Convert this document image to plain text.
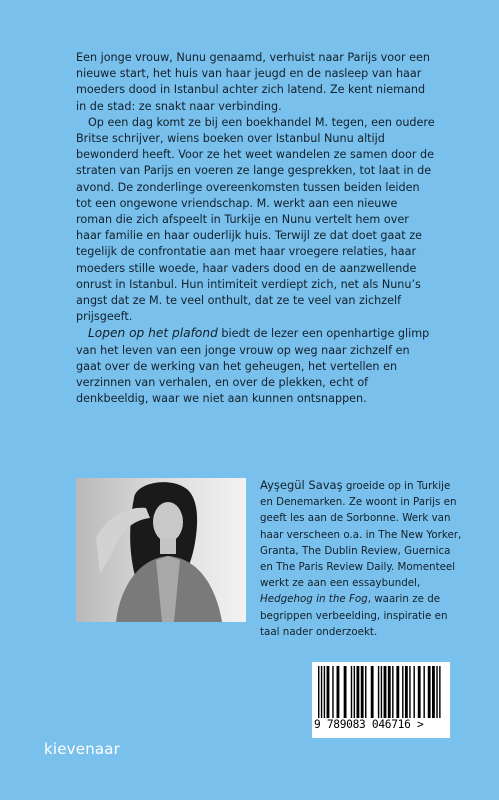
Een jonge vrouw, Nunu genaamd, verhuist naar Parijs voor een nieuwe start, het huis van haar jeugd en de nasleep van haar moeders dood in Istanbul achter zich latend. Ze kent niemand in de stad: ze snakt naar verbinding.

Op een dag komt ze bij een boekhandel M. tegen, een oudere Britse schrijver, wiens boeken over Istanbul Nunu altijd bewonderd heeft. Voor ze het weet wandelen ze samen door de straten van Parijs en voeren ze lange gesprekken, tot laat in de avond. De zonderlinge overeenkomsten tussen beiden leiden tot een ongewone vriendschap. M. werkt aan een nieuwe roman die zich afspeelt in Turkije en Nunu vertelt hem over haar familie en haar ouderlijk huis. Terwijl ze dat doet gaat ze tegelijk de confrontatie aan met haar vroegere relaties, haar moeders stille woede, haar vaders dood en de aanzwellende onrust in Istanbul. Hun intimiteit verdiept zich, net als Nunu’s angst dat ze M. te veel onthult, dat ze te veel van zichzelf prijsgeeft.

Lopen op het plafond biedt de lezer een openhartige glimp van het leven van een jonge vrouw op weg naar zichzelf en gaat over de werking van het geheugen, het vertellen en verzinnen van verhalen, en over de plekken, echt of denkbeeldig, waar we niet aan kunnen ontsnappen.

Ayşegül Savaş groeide op in Turkije en Denemarken. Ze woont in Parijs en geeft les aan de Sorbonne. Werk van haar verscheen o.a. in The New Yorker, Granta, The Dublin Review, Guernica en The Paris Review Daily. Momenteel werkt ze aan een essaybundel, Hedgehog in the Fog, waarin ze de begrippen verbeelding, inspiratie en taal nader onderzoekt.
kievenaar
9 789083 046716 >
